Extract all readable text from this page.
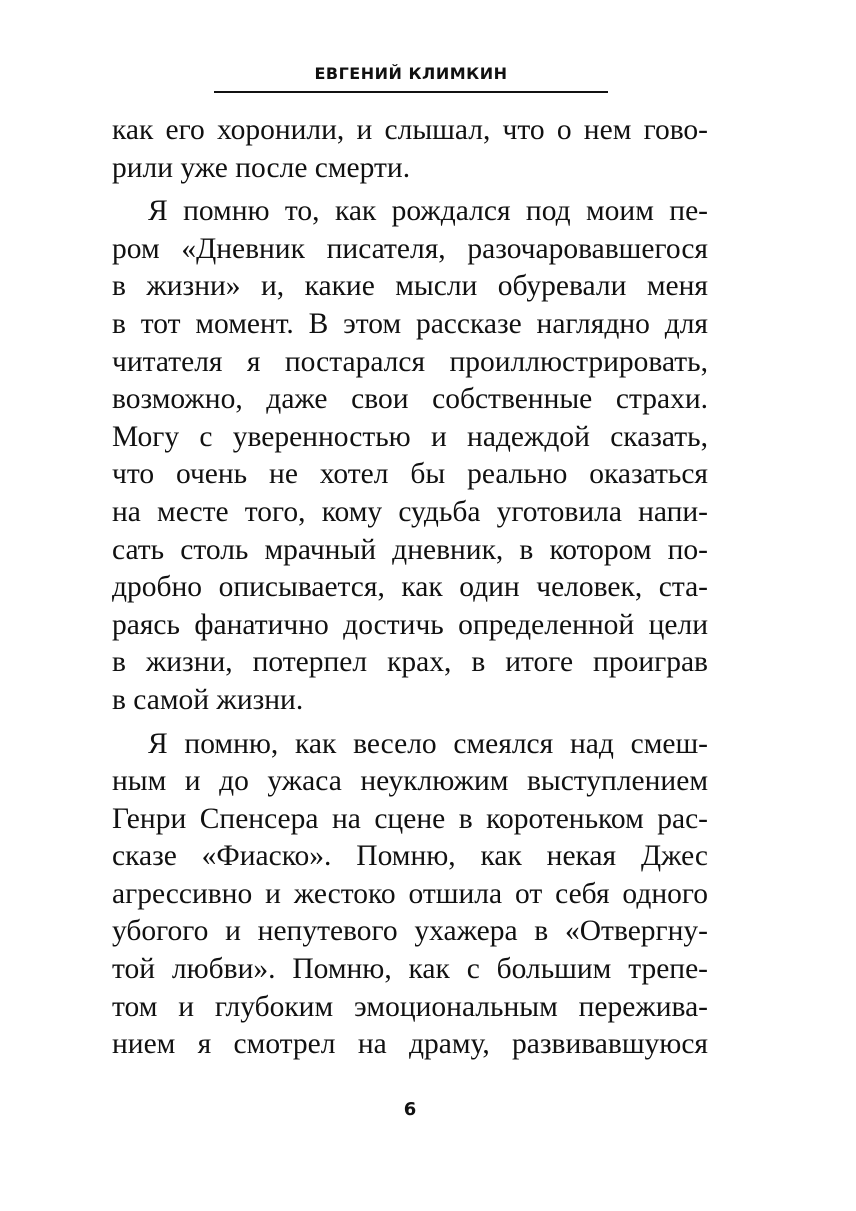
ЕВГЕНИЙ КЛИМКИН
как его хоронили, и слышал, что о нем гово-
рили уже после смерти.
Я помню то, как рождался под моим пе-
ром «Дневник писателя, разочаровавшегося
в жизни» и, какие мысли обуревали меня
в тот момент. В этом рассказе наглядно для
читателя я постарался проиллюстрировать,
возможно, даже свои собственные страхи.
Могу с уверенностью и надеждой сказать,
что очень не хотел бы реально оказаться
на месте того, кому судьба уготовила напи-
сать столь мрачный дневник, в котором по-
дробно описывается, как один человек, ста-
раясь фанатично достичь определенной цели
в жизни, потерпел крах, в итоге проиграв
в самой жизни.
Я помню, как весело смеялся над смеш-
ным и до ужаса неуклюжим выступлением
Генри Спенсера на сцене в коротеньком рас-
сказе «Фиаско». Помню, как некая Джес
агрессивно и жестоко отшила от себя одного
убогого и непутевого ухажера в «Отвергну-
той любви». Помню, как с большим трепе-
том и глубоким эмоциональным пережива-
нием я смотрел на драму, развивавшуюся
6
